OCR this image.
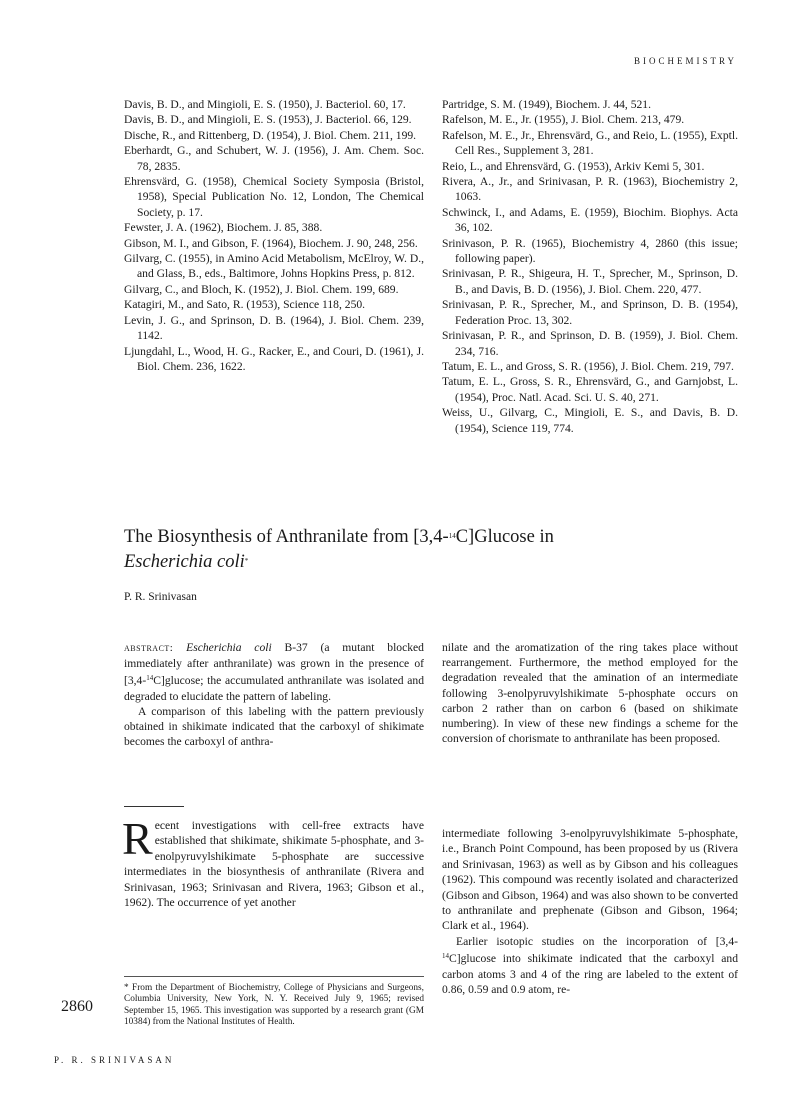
BIOCHEMISTRY
Davis, B. D., and Mingioli, E. S. (1950), J. Bacteriol. 60, 17.
Davis, B. D., and Mingioli, E. S. (1953), J. Bacteriol. 66, 129.
Dische, R., and Rittenberg, D. (1954), J. Biol. Chem. 211, 199.
Eberhardt, G., and Schubert, W. J. (1956), J. Am. Chem. Soc. 78, 2835.
Ehrensvärd, G. (1958), Chemical Society Symposia (Bristol, 1958), Special Publication No. 12, London, The Chemical Society, p. 17.
Fewster, J. A. (1962), Biochem. J. 85, 388.
Gibson, M. I., and Gibson, F. (1964), Biochem. J. 90, 248, 256.
Gilvarg, C. (1955), in Amino Acid Metabolism, McElroy, W. D., and Glass, B., eds., Baltimore, Johns Hopkins Press, p. 812.
Gilvarg, C., and Bloch, K. (1952), J. Biol. Chem. 199, 689.
Katagiri, M., and Sato, R. (1953), Science 118, 250.
Levin, J. G., and Sprinson, D. B. (1964), J. Biol. Chem. 239, 1142.
Ljungdahl, L., Wood, H. G., Racker, E., and Couri, D. (1961), J. Biol. Chem. 236, 1622.
Partridge, S. M. (1949), Biochem. J. 44, 521.
Rafelson, M. E., Jr. (1955), J. Biol. Chem. 213, 479.
Rafelson, M. E., Jr., Ehrensvärd, G., and Reio, L. (1955), Exptl. Cell Res., Supplement 3, 281.
Reio, L., and Ehrensvärd, G. (1953), Arkiv Kemi 5, 301.
Rivera, A., Jr., and Srinivasan, P. R. (1963), Biochemistry 2, 1063.
Schwinck, I., and Adams, E. (1959), Biochim. Biophys. Acta 36, 102.
Srinivason, P. R. (1965), Biochemistry 4, 2860 (this issue; following paper).
Srinivasan, P. R., Shigeura, H. T., Sprecher, M., Sprinson, D. B., and Davis, B. D. (1956), J. Biol. Chem. 220, 477.
Srinivasan, P. R., Sprecher, M., and Sprinson, D. B. (1954), Federation Proc. 13, 302.
Srinivasan, P. R., and Sprinson, D. B. (1959), J. Biol. Chem. 234, 716.
Tatum, E. L., and Gross, S. R. (1956), J. Biol. Chem. 219, 797.
Tatum, E. L., Gross, S. R., Ehrensvärd, G., and Garnjobst, L. (1954), Proc. Natl. Acad. Sci. U. S. 40, 271.
Weiss, U., Gilvarg, C., Mingioli, E. S., and Davis, B. D. (1954), Science 119, 774.
The Biosynthesis of Anthranilate from [3,4-$^{14}$C]Glucose in
Escherichia coli*
P. R. Srinivasan

abstract: Escherichia coli B-37 (a mutant blocked immediately after anthranilate) was grown in the presence of [3,4-$^{14}$C]glucose; the accumulated anthranilate was isolated and degraded to elucidate the pattern of labeling.

A comparison of this labeling with the pattern previously obtained in shikimate indicated that the carboxyl of shikimate becomes the carboxyl of anthra-

nilate and the aromatization of the ring takes place without rearrangement. Furthermore, the method employed for the degradation revealed that the amination of an intermediate following 3-enolpyruvylshikimate 5-phosphate occurs on carbon 2 rather than on carbon 6 (based on shikimate numbering). In view of these new findings a scheme for the conversion of chorismate to anthranilate has been proposed.

Recent investigations with cell-free extracts have established that shikimate, shikimate 5-phosphate, and 3-enolpyruvylshikimate 5-phosphate are successive intermediates in the biosynthesis of anthranilate (Rivera and Srinivasan, 1963; Srinivasan and Rivera, 1963; Gibson et al., 1962). The occurrence of yet another

intermediate following 3-enolpyruvylshikimate 5-phosphate, i.e., Branch Point Compound, has been proposed by us (Rivera and Srinivasan, 1963) as well as by Gibson and his colleagues (1962). This compound was recently isolated and characterized (Gibson and Gibson, 1964) and was also shown to be converted to anthranilate and prephenate (Gibson and Gibson, 1964; Clark et al., 1964).

Earlier isotopic studies on the incorporation of [3,4-$^{14}$C]glucose into shikimate indicated that the carboxyl and carbon atoms 3 and 4 of the ring are labeled to the extent of 0.86, 0.59 and 0.9 atom, re-

* From the Department of Biochemistry, College of Physicians and Surgeons, Columbia University, New York, N. Y. Received July 9, 1965; revised September 15, 1965. This investigation was supported by a research grant (GM 10384) from the National Institutes of Health.
2860
P. R. SRINIVASAN
